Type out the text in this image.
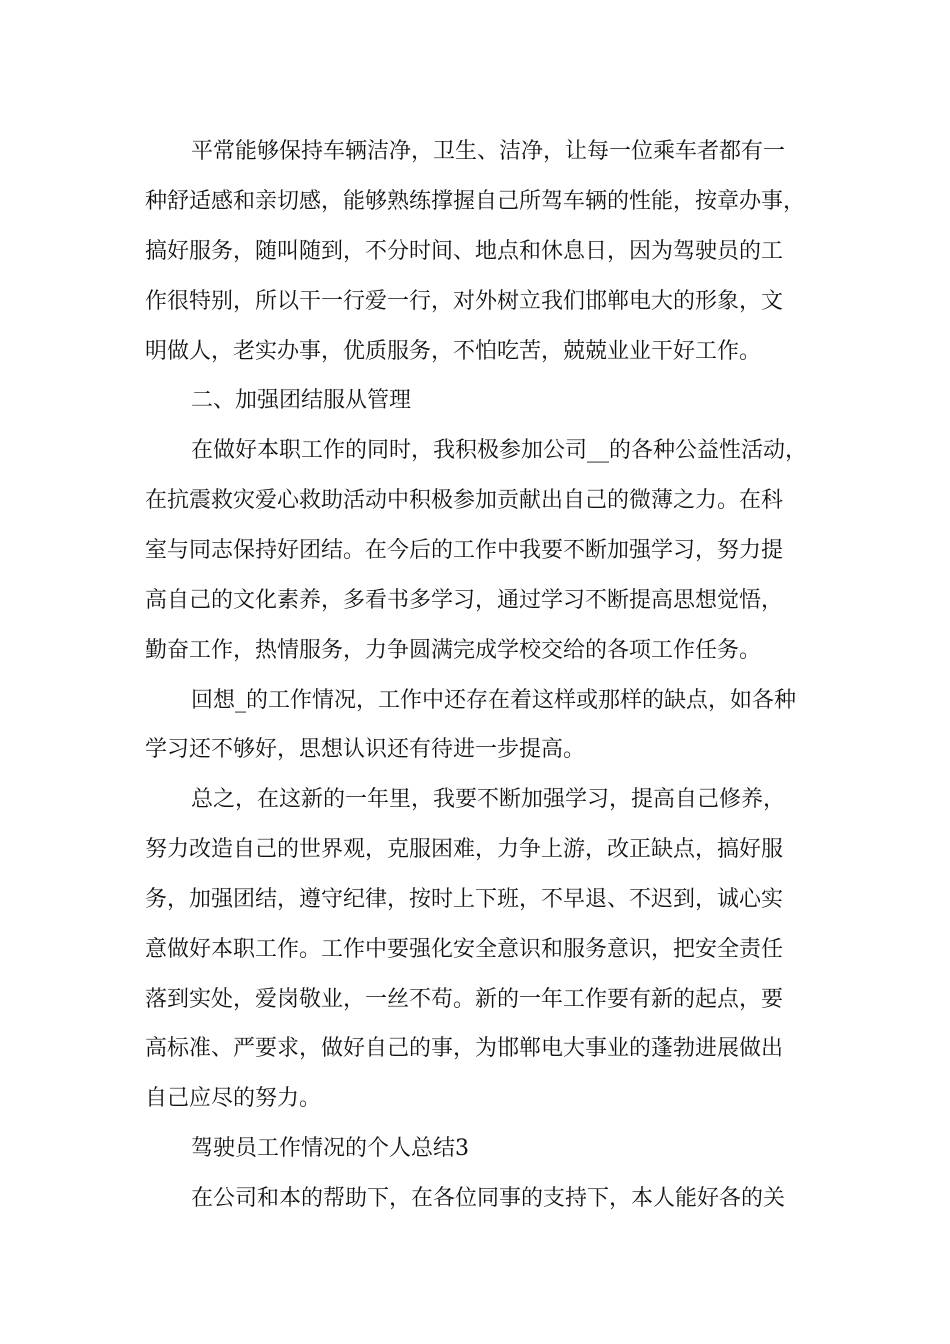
平常能够保持车辆洁净，卫生、洁净，让每一位乘车者都有一
种舒适感和亲切感，能够熟练撑握自己所驾车辆的性能，按章办事，
搞好服务，随叫随到，不分时间、地点和休息日，因为驾驶员的工
作很特别，所以干一行爱一行，对外树立我们邯郸电大的形象，文
明做人，老实办事，优质服务，不怕吃苦，兢兢业业干好工作。
二、加强团结服从管理
在做好本职工作的同时，我积极参加公司__的各种公益性活动，
在抗震救灾爱心救助活动中积极参加贡献出自己的微薄之力。在科
室与同志保持好团结。在今后的工作中我要不断加强学习，努力提
高自己的文化素养，多看书多学习，通过学习不断提高思想觉悟，
勤奋工作，热情服务，力争圆满完成学校交给的各项工作任务。
回想_的工作情况，工作中还存在着这样或那样的缺点，如各种
学习还不够好，思想认识还有待进一步提高。
总之，在这新的一年里，我要不断加强学习，提高自己修养，
努力改造自己的世界观，克服困难，力争上游，改正缺点，搞好服
务，加强团结，遵守纪律，按时上下班，不早退、不迟到，诚心实
意做好本职工作。工作中要强化安全意识和服务意识，把安全责任
落到实处，爱岗敬业，一丝不苟。新的一年工作要有新的起点，要
高标准、严要求，做好自己的事，为邯郸电大事业的蓬勃进展做出
自己应尽的努力。
驾驶员工作情况的个人总结3
在公司和本的帮助下，在各位同事的支持下，本人能好各的关
